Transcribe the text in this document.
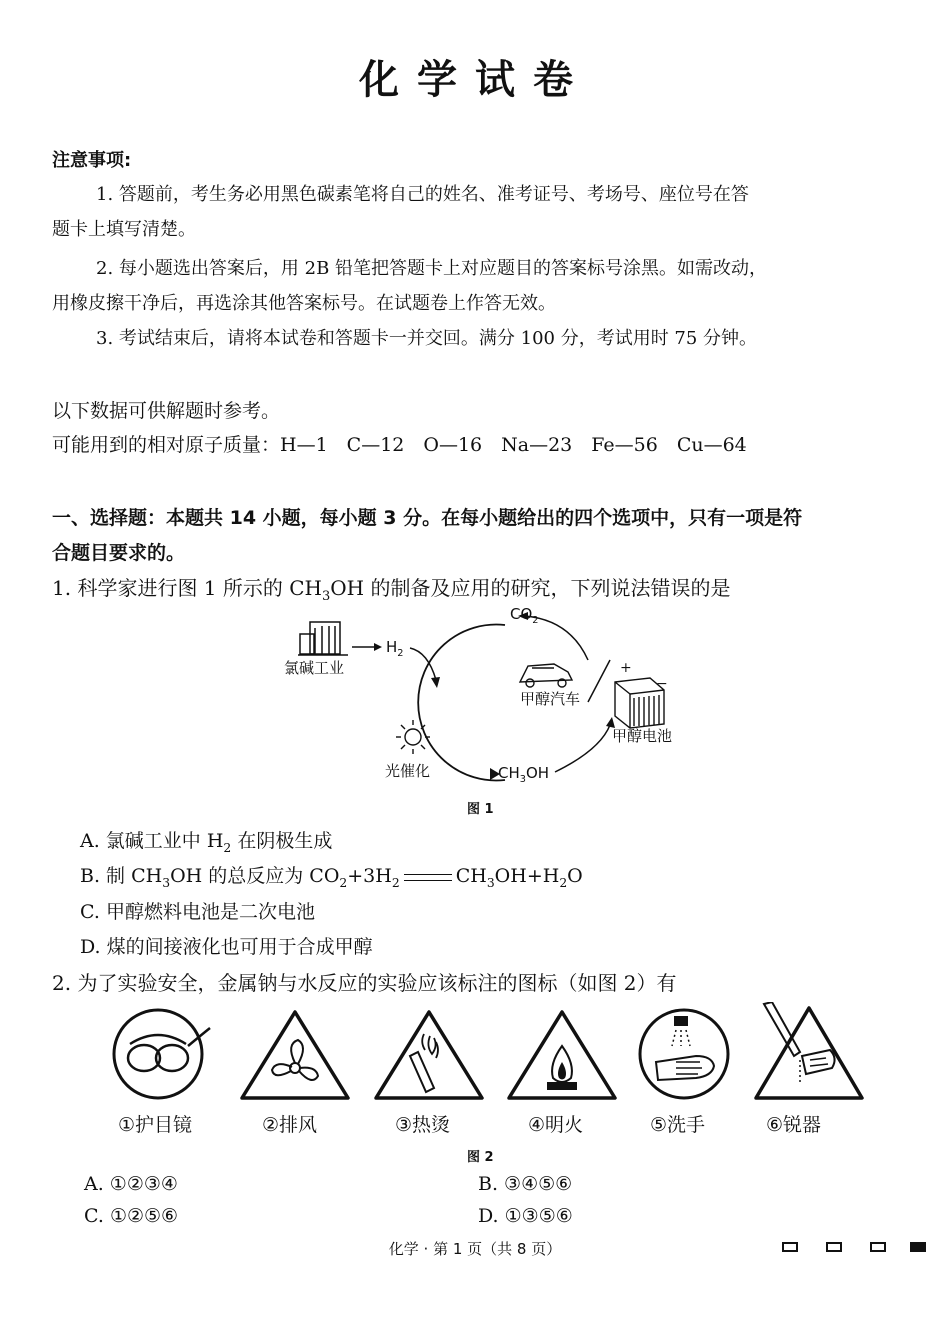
化学试卷
注意事项:
1. 答题前，考生务必用黑色碳素笔将自己的姓名、准考证号、考场号、座位号在答
题卡上填写清楚。
2. 每小题选出答案后，用 2B 铅笔把答题卡上对应题目的答案标号涂黑。如需改动，
用橡皮擦干净后，再选涂其他答案标号。在试题卷上作答无效。
3. 考试结束后，请将本试卷和答题卡一并交回。满分 100 分，考试用时 75 分钟。
以下数据可供解题时参考。
可能用到的相对原子质量：H—1　C—12　O—16　Na—23　Fe—56　Cu—64
一、选择题：本题共 14 小题，每小题 3 分。在每小题给出的四个选项中，只有一项是符
合题目要求的。
1. 科学家进行图 1 所示的 $CH_3OH$ 的制备及应用的研究，下列说法错误的是
+
−
$CO_2$
$H_2$
氯碱工业
甲醇汽车
甲醇电池
光催化	$CH_3OH$
图 1
A. 氯碱工业中 $H_2$ 在阴极生成
B. 制 $CH_3OH$ 的总反应为 $CO_2+3H_2$	$CH_3OH+H_2O$
C. 甲醇燃料电池是二次电池
D. 煤的间接液化也可用于合成甲醇
2. 为了实验安全，金属钠与水反应的实验应该标注的图标（如图 2）有
①护目镜	②排风	③热烫	④明火	⑤洗手	⑥锐器
图 2
A. ①②③④	B. ③④⑤⑥
C. ①②⑤⑥	D. ①③⑤⑥
化学 · 第 1 页（共 8 页）
